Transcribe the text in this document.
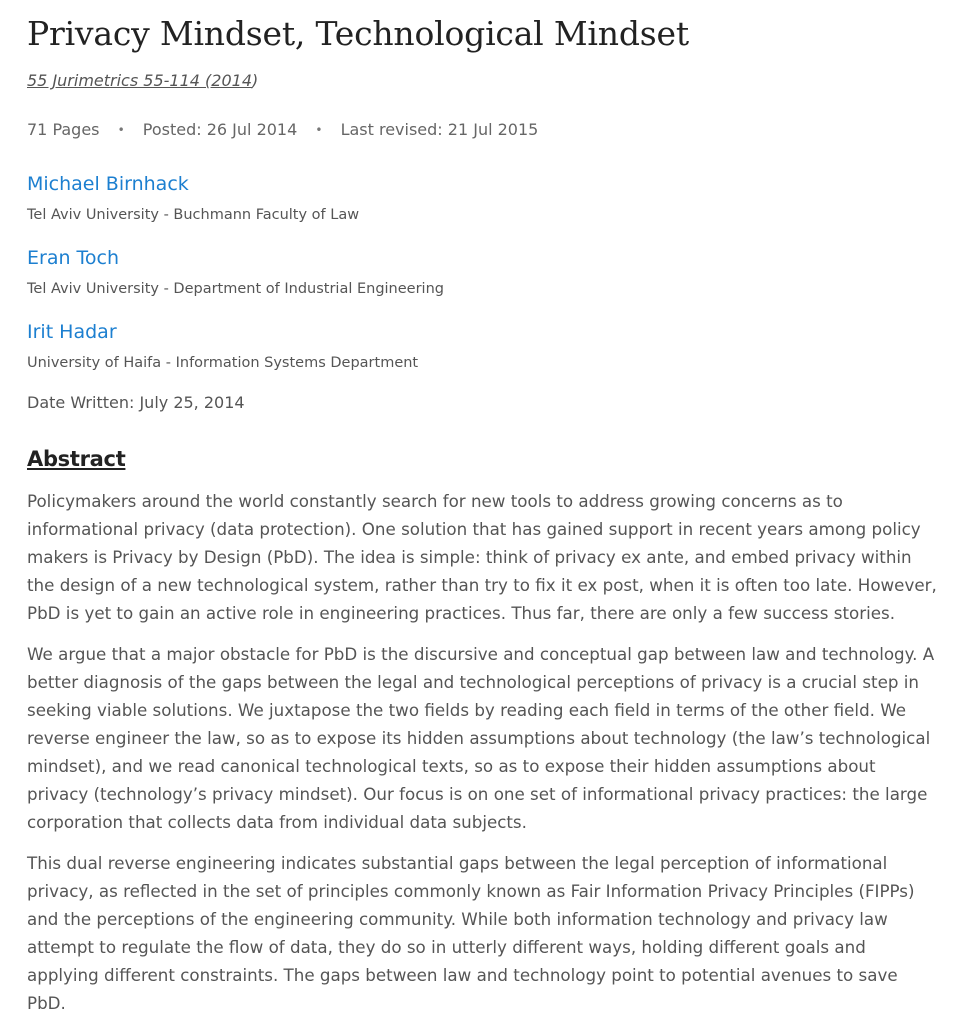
Privacy Mindset, Technological Mindset
55 Jurimetrics 55-114 (2014)
71 Pages • Posted: 26 Jul 2014 • Last revised: 21 Jul 2015
Michael Birnhack
Tel Aviv University - Buchmann Faculty of Law
Eran Toch
Tel Aviv University - Department of Industrial Engineering
Irit Hadar
University of Haifa - Information Systems Department
Date Written: July 25, 2014
Abstract

Policymakers around the world constantly search for new tools to address growing concerns as to informational privacy (data protection). One solution that has gained support in recent years among policy makers is Privacy by Design (PbD). The idea is simple: think of privacy ex ante, and embed privacy within the design of a new technological system, rather than try to fix it ex post, when it is often too late. However, PbD is yet to gain an active role in engineering practices. Thus far, there are only a few success stories.

We argue that a major obstacle for PbD is the discursive and conceptual gap between law and technology. A better diagnosis of the gaps between the legal and technological perceptions of privacy is a crucial step in seeking viable solutions. We juxtapose the two fields by reading each field in terms of the other field. We reverse engineer the law, so as to expose its hidden assumptions about technology (the law’s technological mindset), and we read canonical technological texts, so as to expose their hidden assumptions about privacy (technology’s privacy mindset). Our focus is on one set of informational privacy practices: the large corporation that collects data from individual data subjects.

This dual reverse engineering indicates substantial gaps between the legal perception of informational privacy, as reflected in the set of principles commonly known as Fair Information Privacy Principles (FIPPs) and the perceptions of the engineering community. While both information technology and privacy law attempt to regulate the flow of data, they do so in utterly different ways, holding different goals and applying different constraints. The gaps between law and technology point to potential avenues to save PbD.
